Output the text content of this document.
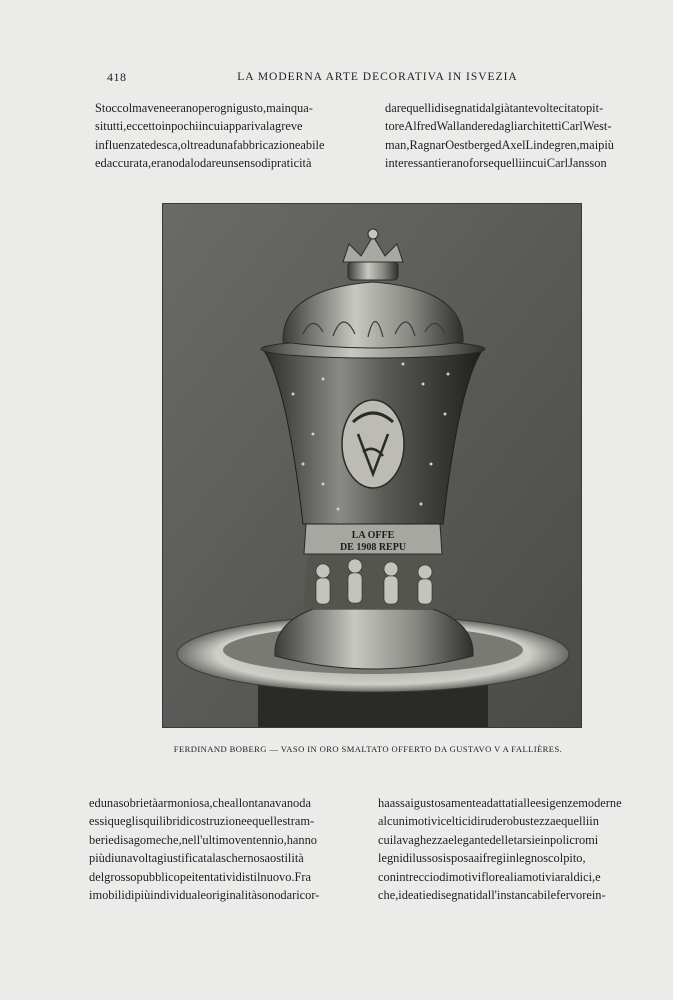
418	LA MODERNA ARTE DECORATIVA IN ISVEZIA
Stoccolmaveneeranoperognigusto,mainqua-
situtti,eccettoinpochiincuiapparivalagreve
influenzatedesca,oltreadunafabbricazioneabile
edaccurata,eranodalodareunsensodipraticità
darequellidisegnatidalgiàtantevoltecitatopit-
toreAlfredWallanderedagliarchitettiCarlWest-
man,RagnarOestbergedAxelLindegren,maipiù
interessantieranoforsequelliincuiCarlJansson
LA OFFE
DE 1908 REPU
FERDINAND BOBERG — VASO IN ORO SMALTATO OFFERTO DA GUSTAVO V A FALLIÈRES.
edunasobrietàarmoniosa,cheallontanavanoda
essiqueglisquilibridicostruzioneequellestram-
beriedisagomeche,nell'ultimoventennio,hanno
piùdiunavoltagiustificatalaschernosaostilità
delgrossopubblicopeitentatividistilnuovo.Fra
imobilidipiùindividualeoriginalitàsonodaricor-
haassaigustosamenteadattatialleesigenzemoderne
alcunimotivicelticidiruderobustezzaequelliin
cuilavaghezzaelegantedelletarsieinpolicromi
legnidilussosisposaaifregiinlegnoscolpito,
conintrecciodimotiviflorealiamotiviaraldici,e
che,ideatiedisegnatidall'instancabilefervorein-
